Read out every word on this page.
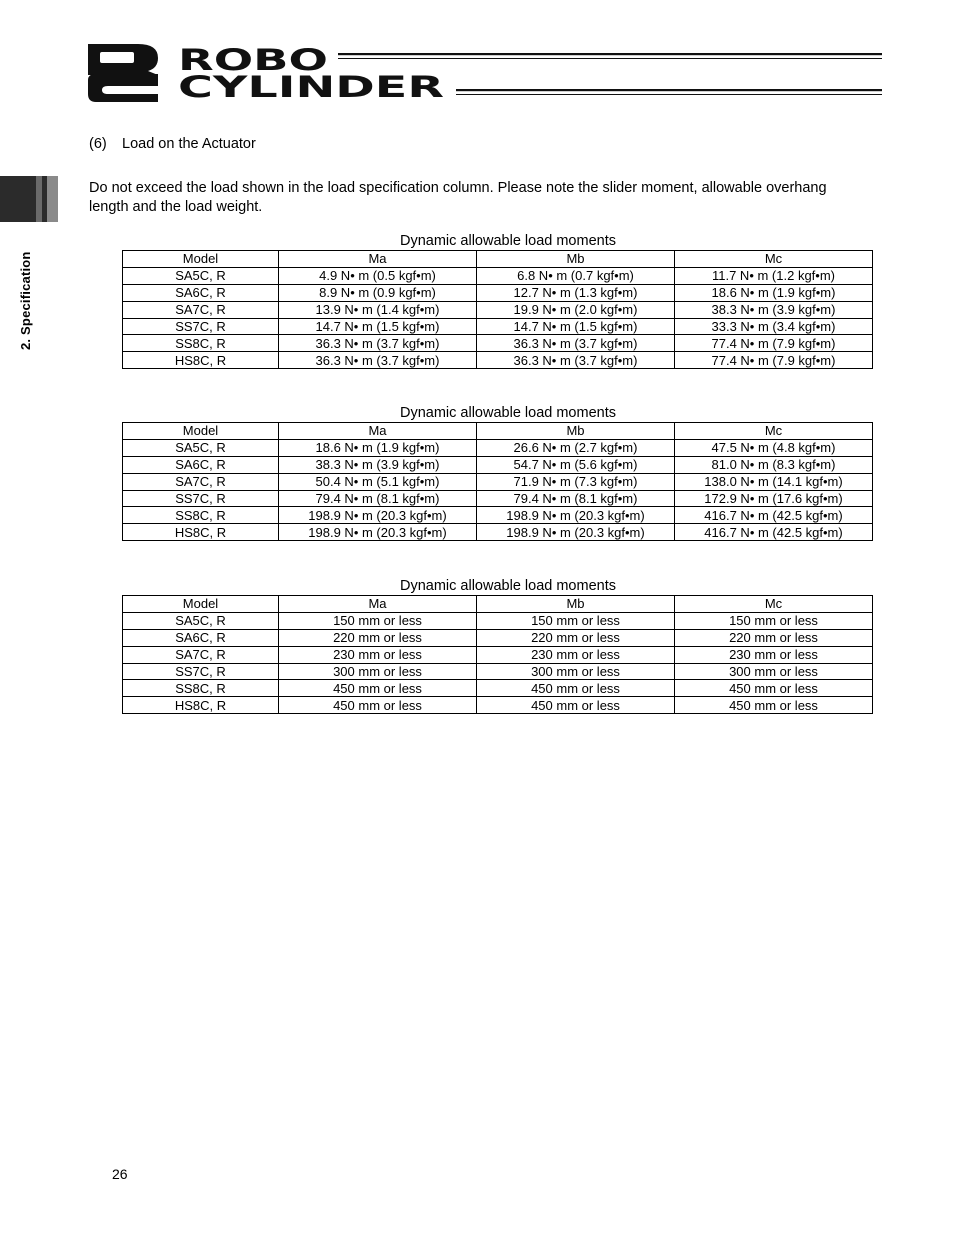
ROBO
CYLINDER
2. Specification
(6) Load on the Actuator
Do not exceed the load shown in the load specification column. Please note the slider moment, allowable overhang length and the load weight.
Dynamic allowable load moments
Model	Ma	Mb	Mc
SA5C, R	4.9 N• m (0.5 kgf•m)	6.8 N• m (0.7 kgf•m)	11.7 N• m (1.2 kgf•m)
SA6C, R	8.9 N• m (0.9 kgf•m)	12.7 N• m (1.3 kgf•m)	18.6 N• m (1.9 kgf•m)
SA7C, R	13.9 N• m (1.4 kgf•m)	19.9 N• m (2.0 kgf•m)	38.3 N• m (3.9 kgf•m)
SS7C, R	14.7 N• m (1.5 kgf•m)	14.7 N• m (1.5 kgf•m)	33.3 N• m (3.4 kgf•m)
SS8C, R	36.3 N• m (3.7 kgf•m)	36.3 N• m (3.7 kgf•m)	77.4 N• m (7.9 kgf•m)
HS8C, R	36.3 N• m (3.7 kgf•m)	36.3 N• m (3.7 kgf•m)	77.4 N• m (7.9 kgf•m)
Dynamic allowable load moments
Model	Ma	Mb	Mc
SA5C, R	18.6 N• m (1.9 kgf•m)	26.6 N• m (2.7 kgf•m)	47.5 N• m (4.8 kgf•m)
SA6C, R	38.3 N• m (3.9 kgf•m)	54.7 N• m (5.6 kgf•m)	81.0 N• m (8.3 kgf•m)
SA7C, R	50.4 N• m (5.1 kgf•m)	71.9 N• m (7.3 kgf•m)	138.0 N• m (14.1 kgf•m)
SS7C, R	79.4 N• m (8.1 kgf•m)	79.4 N• m (8.1 kgf•m)	172.9 N• m (17.6 kgf•m)
SS8C, R	198.9 N• m (20.3 kgf•m)	198.9 N• m (20.3 kgf•m)	416.7 N• m (42.5 kgf•m)
HS8C, R	198.9 N• m (20.3 kgf•m)	198.9 N• m (20.3 kgf•m)	416.7 N• m (42.5 kgf•m)
Dynamic allowable load moments
Model	Ma	Mb	Mc
SA5C, R	150 mm or less	150 mm or less	150 mm or less
SA6C, R	220 mm or less	220 mm or less	220 mm or less
SA7C, R	230 mm or less	230 mm or less	230 mm or less
SS7C, R	300 mm or less	300 mm or less	300 mm or less
SS8C, R	450 mm or less	450 mm or less	450 mm or less
HS8C, R	450 mm or less	450 mm or less	450 mm or less
26
